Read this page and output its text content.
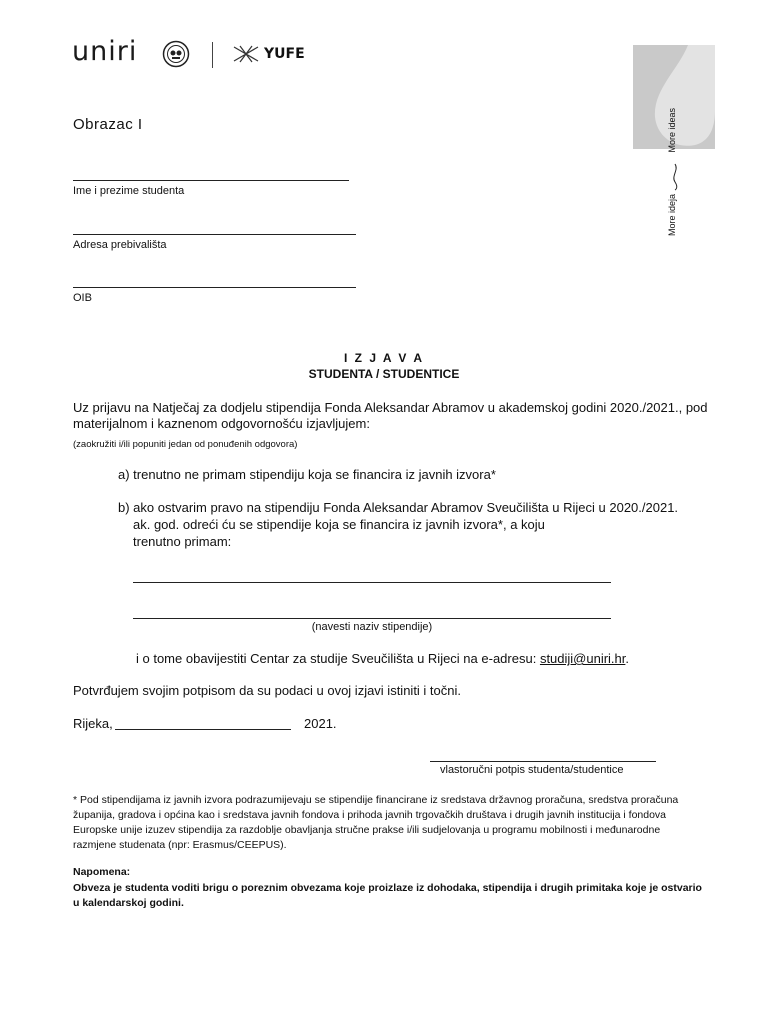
uniri	YUFE
More ideas
More ideja
Obrazac I
Ime i prezime studenta
Adresa prebivališta
OIB
I Z J A V A
STUDENTA / STUDENTICE
Uz prijavu na Natječaj za dodjelu stipendija Fonda Aleksandar Abramov u akademskoj godini 2020./2021., pod materijalnom i kaznenom odgovornošću izjavljujem:
(zaokružiti i/ili popuniti jedan od ponuđenih odgovora)
a) trenutno ne primam stipendiju koja se financira iz javnih izvora*
b) ako ostvarim pravo na stipendiju Fonda Aleksandar Abramov Sveučilišta u Rijeci u 2020./2021.
ak. god. odreći ću se stipendije koja se financira iz javnih izvora*, a koju
trenutno primam:
(navesti naziv stipendije)
i o tome obavijestiti Centar za studije Sveučilišta u Rijeci na e-adresu: studiji@uniri.hr.
Potvrđujem svojim potpisom da su podaci u ovoj izjavi istiniti i točni.
Rijeka,	2021.
vlastoručni potpis studenta/studentice
* Pod stipendijama iz javnih izvora podrazumijevaju se stipendije financirane iz sredstava državnog proračuna, sredstva proračuna županija, gradova i općina kao i sredstava javnih fondova i prihoda javnih trgovačkih društava i drugih javnih institucija i fondova Europske unije izuzev stipendija za razdoblje obavljanja stručne prakse i/ili sudjelovanja u programu mobilnosti i međunarodne razmjene studenata (npr: Erasmus/CEEPUS).
Napomena:
Obveza je studenta voditi brigu o poreznim obvezama koje proizlaze iz dohodaka, stipendija i drugih primitaka koje je ostvario u kalendarskoj godini.
